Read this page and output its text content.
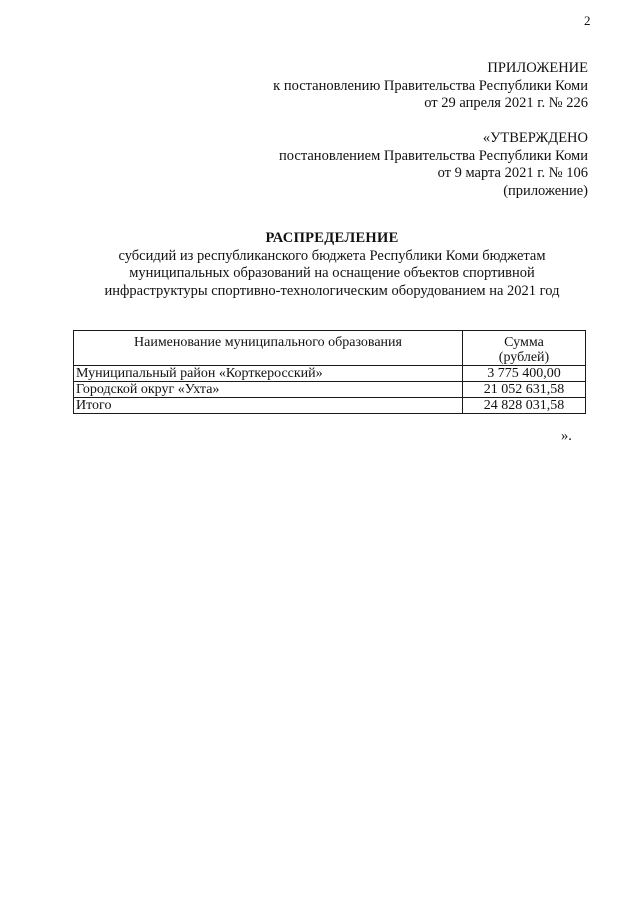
2
ПРИЛОЖЕНИЕ
к постановлению Правительства Республики Коми
от 29 апреля 2021 г. № 226
«УТВЕРЖДЕНО
постановлением Правительства Республики Коми
от 9 марта 2021 г. № 106
(приложение)
РАСПРЕДЕЛЕНИЕ
субсидий из республиканского бюджета Республики Коми бюджетам
муниципальных образований на оснащение объектов спортивной
инфраструктуры спортивно-технологическим оборудованием на 2021 год
Наименование муниципального образования	Сумма
(рублей)

Муниципальный район «Корткеросский»	3 775 400,00
Городской округ «Ухта»	21 052 631,58
Итого	24 828 031,58
».
